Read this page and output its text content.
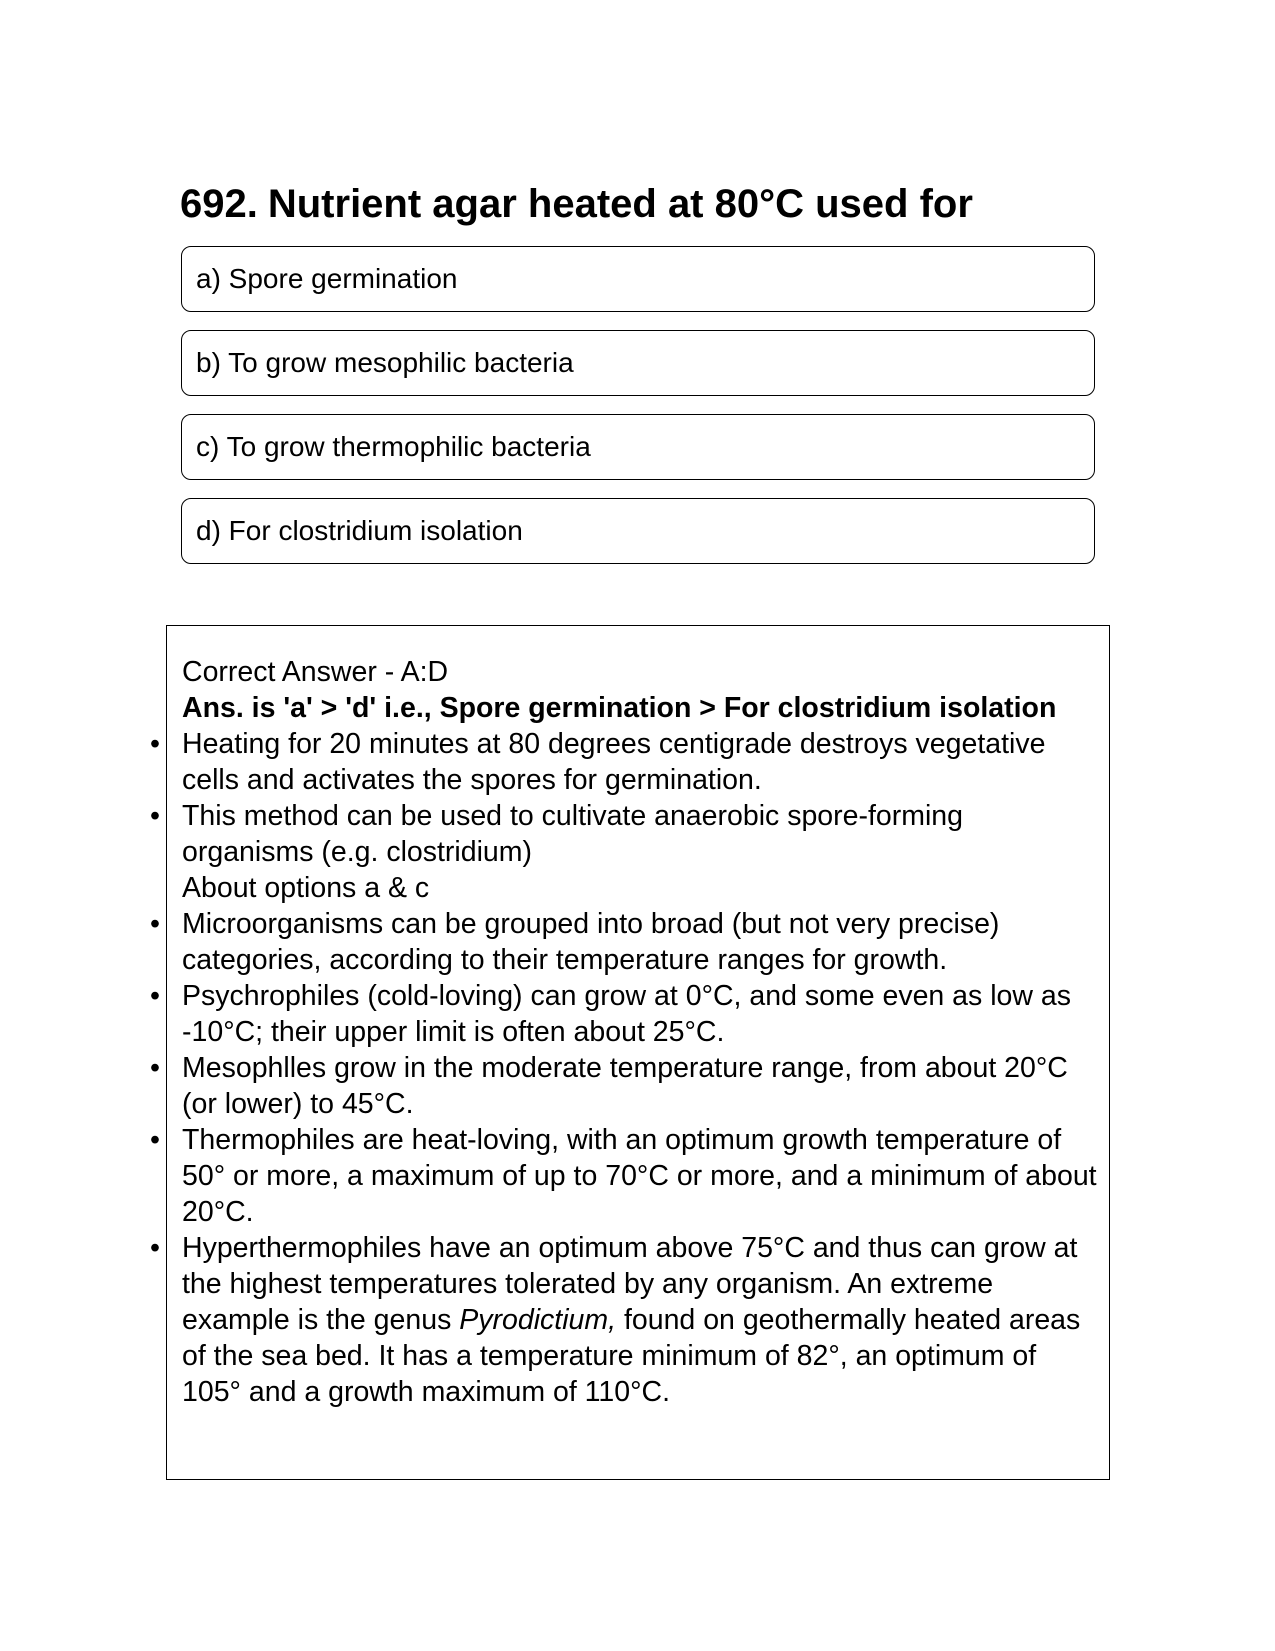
692. Nutrient agar heated at 80°C used for
a) Spore germination
b) To grow mesophilic bacteria
c) To grow thermophilic bacteria
d) For clostridium isolation

Correct Answer - A:D

Ans. is 'a' > 'd' i.e., Spore germination > For clostridium isolation

• Heating for 20 minutes at 80 degrees centigrade destroys vegetative cells and activates the spores for germination.

• This method can be used to cultivate anaerobic spore-forming organisms (e.g. clostridium)

About options a & c

• Microorganisms can be grouped into broad (but not very precise) categories, according to their temperature ranges for growth.

• Psychrophiles (cold-loving) can grow at 0°C, and some even as low as -10°C; their upper limit is often about 25°C.

• Mesophlles grow in the moderate temperature range, from about 20°C (or lower) to 45°C.

• Thermophiles are heat-loving, with an optimum growth temperature of 50° or more, a maximum of up to 70°C or more, and a minimum of about 20°C.

• Hyperthermophiles have an optimum above 75°C and thus can grow at the highest temperatures tolerated by any organism. An extreme example is the genus Pyrodictium, found on geothermally heated areas of the sea bed. It has a temperature minimum of 82°, an optimum of 105° and a growth maximum of 110°C.
